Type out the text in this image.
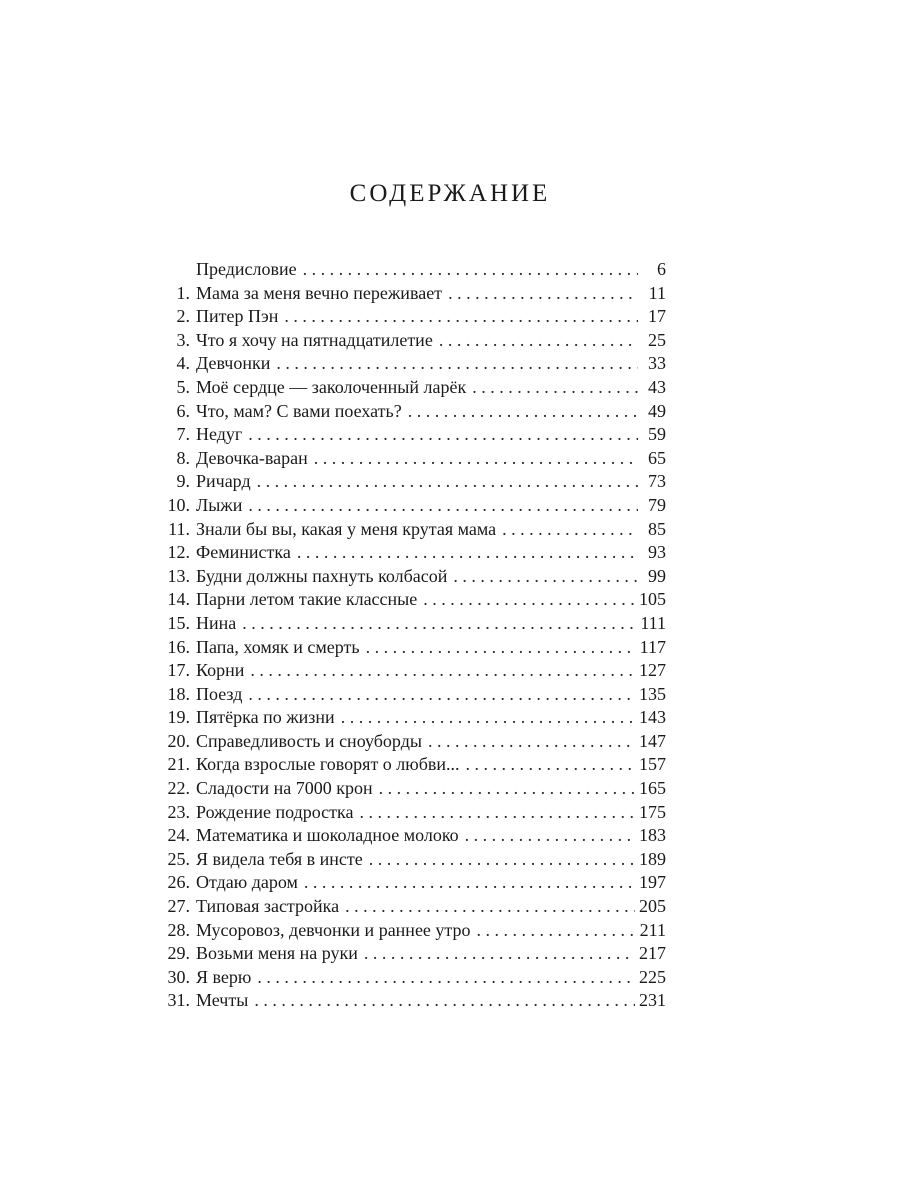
СОДЕРЖАНИЕ
Предисловие . . .	6
1. Мама за меня вечно переживает . . .	11
2. Питер Пэн . . .	17
3. Что я хочу на пятнадцатилетие . . .	25
4. Девчонки . . .	33
5. Моё сердце — заколоченный ларёк . . .	43
6. Что, мам? С вами поехать? . . .	49
7. Недуг . . .	59
8. Девочка-варан . . .	65
9. Ричард . . .	73
10. Лыжи . . .	79
11. Знали бы вы, какая у меня крутая мама . . .	85
12. Феминистка . . .	93
13. Будни должны пахнуть колбасой . . .	99
14. Парни летом такие классные . . .	105
15. Нина . . .	111
16. Папа, хомяк и смерть . . .	117
17. Корни . . .	127
18. Поезд . . .	135
19. Пятёрка по жизни . . .	143
20. Справедливость и сноуборды . . .	147
21. Когда взрослые говорят о любви... . . .	157
22. Сладости на 7000 крон . . .	165
23. Рождение подростка . . .	175
24. Математика и шоколадное молоко . . .	183
25. Я видела тебя в инсте . . .	189
26. Отдаю даром . . .	197
27. Типовая застройка . . .	205
28. Мусоровоз, девчонки и раннее утро . . .	211
29. Возьми меня на руки . . .	217
30. Я верю . . .	225
31. Мечты . . .	231
